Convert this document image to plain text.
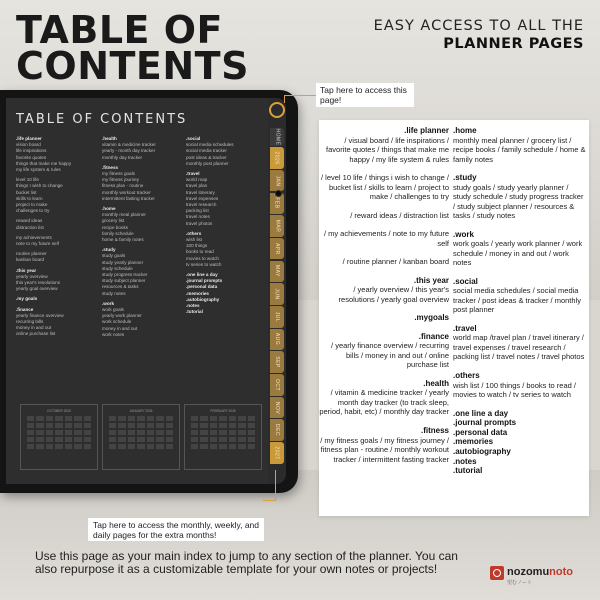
TABLE OF
CONTENTS
EASY ACCESS TO ALL THE
PLANNER PAGES
TABLE OF CONTENTS
.life planner
vision board
life inspirations
favorite quotes
things that make me happy
my life system & rules
level 10 life
things I wish to change
bucket list
skills to learn
project to make
challenges to try
reward ideas
distraction list
my achievements
note to my future self
routine planner
kanban board
.this year
yearly overview
this year's resolutions
yearly goal overview
.my goals
.finance
yearly finance overview
recurring bills
money in and out
online purchase list
.health
vitamin & medicine tracker
yearly - month day tracker
monthly day tracker
.fitness
my fitness goals
my fitness journey
fitness plan - routine
monthly workout tracker
intermittent fasting tracker
.home
monthly meal planner
grocery list
recipe books
family schedule
home & family notes
.study
study goals
study yearly planner
study schedule
study progress tracker
study subject planner
resources & tasks
study notes
.work
work goals
yearly work planner
work schedule
money in and out
work notes
.social
social media schedules
social media tracker
post ideas & tracker
monthly post planner
.travel
world map
travel plan
travel itinerary
travel expenses
travel research
packing list
travel notes
travel photos
.others
wish list
100 things
books to read
movies to watch
tv series to watch
.one line a day
.journal prompts
.personal data
.memories
.autobiography
.notes
.tutorial
OCTOBER 2025	JANUARY 2026	FEBRUARY 2026
HOME
2026
JAN
FEB
MAR
APR
MAY
JUN
JUL
AUG
SEP
OCT
NOV
DEC
2027
Tap here to access this page!
Tap here to access the monthly, weekly, and daily pages for the extra months!
.life planner
/ visual board / life inspirations / favorite quotes / things that make me happy / my life system & rules
/ level 10 life / things i wish to change / bucket list / skills to learn / project to make / challenges to try
/ reward ideas / distraction list
/ my achievements / note to my future self
/ routine planner / kanban board
.this year
/ yearly overview / this year's resolutions / yearly goal overview
.mygoals
.finance
/ yearly finance overview / recurring bills / money in and out / online purchase list
.health
/ vitamin & medicine tracker / yearly month day tracker (to track sleep, period, habit, etc) / monthly day tracker
.fitness
/ my fitness goals / my fitness journey / fitness plan - routine / monthly workout tracker / intermittent fasting tracker
.home
monthly meal planner / grocery list / recipe books / family schedule / home & family notes
.study
study goals / study yearly planner / study schedule / study progress tracker / study subject planner / resources & tasks / study notes
.work
work goals / yearly work planner / work schedule / money in and out / work notes
.social
social media schedules / social media tracker / post ideas & tracker / monthly post planner
.travel
world map /travel plan / travel itinerary / travel expenses / travel research / packing list / travel notes / travel photos
.others
wish list / 100 things / books to read / movies to watch / tv series to watch
.one line a day
.journal prompts
.personal data
.memories
.autobiography
.notes
.tutorial
Use this page as your main index to jump to any section of the planner. You can also repurpose it as a customizable template for your own notes or projects!	nozomunoto
望むノート
